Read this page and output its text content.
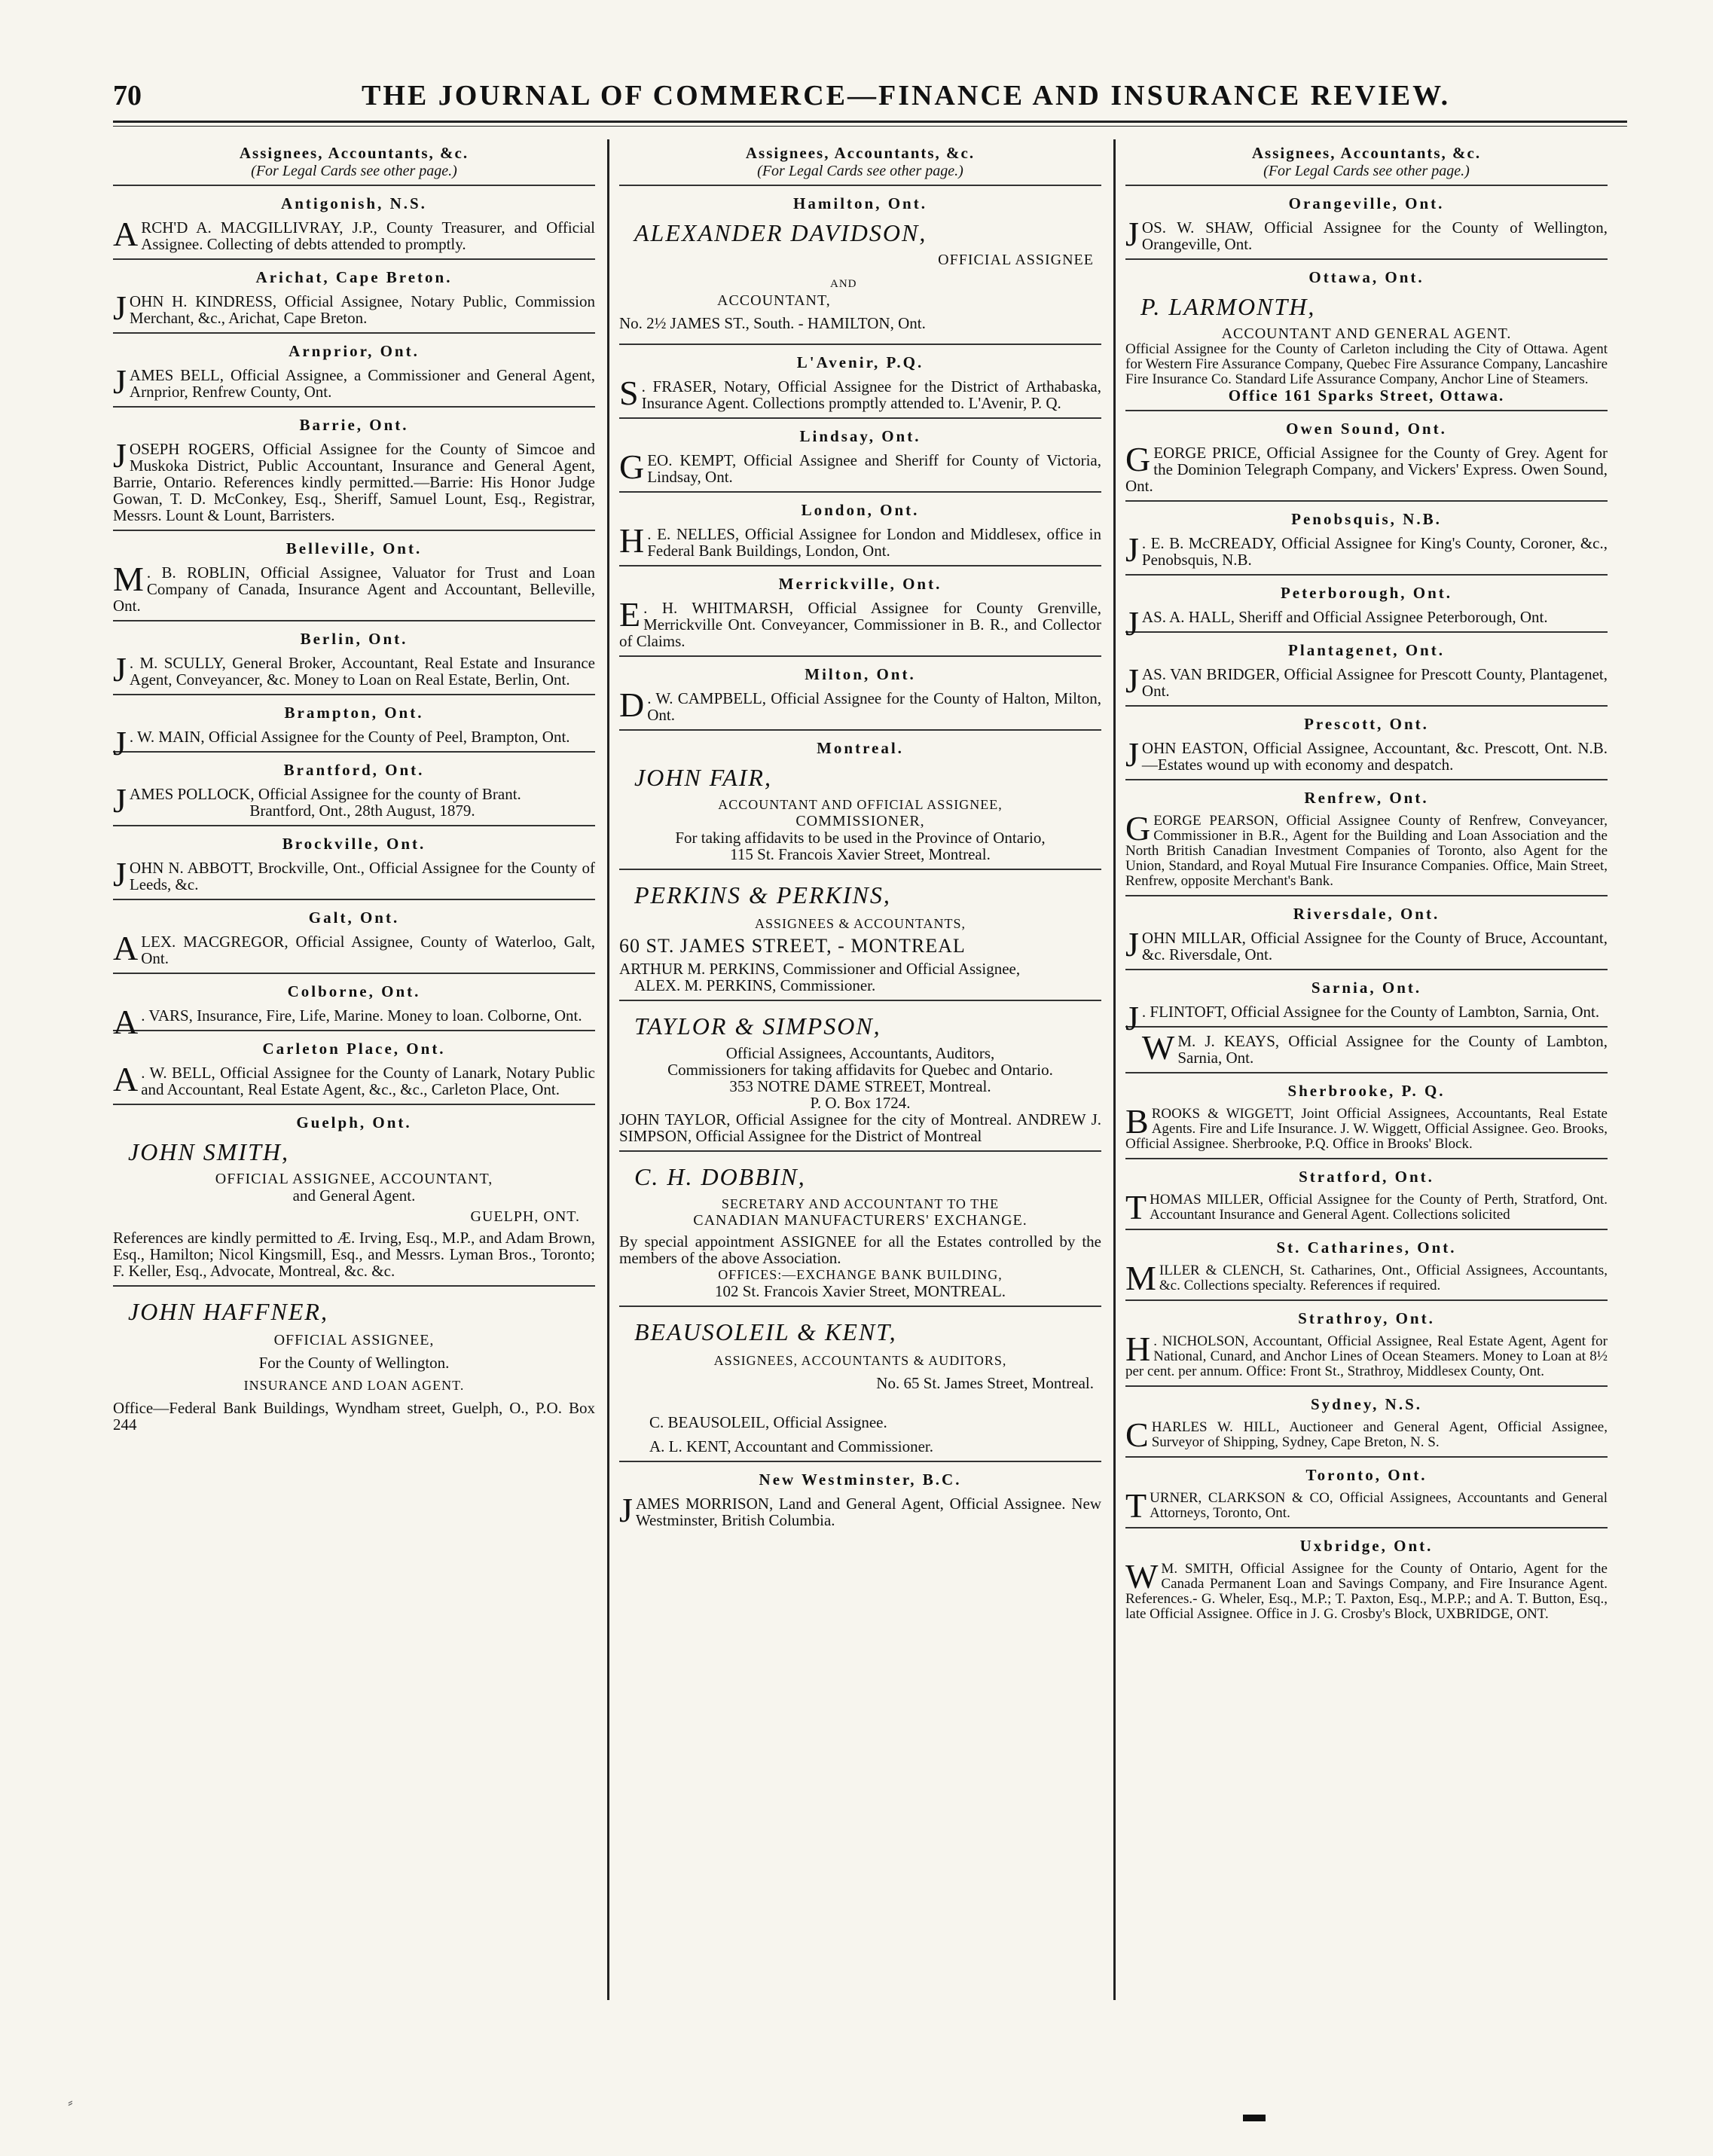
70	THE JOURNAL OF COMMERCE—FINANCE AND INSURANCE REVIEW.
Assignees, Accountants, &c.
(For Legal Cards see other page.)
Antigonish, N.S.
ARCH'D A. MACGILLIVRAY, J.P., County Treasurer, and Official Assignee. Collecting of debts attended to promptly.
Arichat, Cape Breton.
JOHN H. KINDRESS, Official Assignee, Notary Public, Commission Merchant, &c., Arichat, Cape Breton.
Arnprior, Ont.
JAMES BELL, Official Assignee, a Commissioner and General Agent, Arnprior, Renfrew County, Ont.
Barrie, Ont.
JOSEPH ROGERS, Official Assignee for the County of Simcoe and Muskoka District, Public Accountant, Insurance and General Agent, Barrie, Ontario. References kindly permitted.—Barrie: His Honor Judge Gowan, T. D. McConkey, Esq., Sheriff, Samuel Lount, Esq., Registrar, Messrs. Lount & Lount, Barristers.
Belleville, Ont.
M . B. ROBLIN, Official Assignee, Valuator for Trust and Loan Company of Canada, Insurance Agent and Accountant, Belleville, Ont.
Berlin, Ont.
J . M. SCULLY, General Broker, Accountant, Real Estate and Insurance Agent, Conveyancer, &c. Money to Loan on Real Estate, Berlin, Ont.
Brampton, Ont.
J . W. MAIN, Official Assignee for the County of Peel, Brampton, Ont.
Brantford, Ont.
JAMES POLLOCK, Official Assignee for the county of Brant.
Brantford, Ont., 28th August, 1879.
Brockville, Ont.
JOHN N. ABBOTT, Brockville, Ont., Official Assignee for the County of Leeds, &c.
Galt, Ont.
ALEX. MACGREGOR, Official Assignee, County of Waterloo, Galt, Ont.
Colborne, Ont.
A . VARS, Insurance, Fire, Life, Marine. Money to loan. Colborne, Ont.
Carleton Place, Ont.
A . W. BELL, Official Assignee for the County of Lanark, Notary Public and Accountant, Real Estate Agent, &c., &c., Carleton Place, Ont.
Guelph, Ont.
JOHN SMITH,
OFFICIAL ASSIGNEE, ACCOUNTANT,
and General Agent.
GUELPH, ONT.
References are kindly permitted to Æ. Irving, Esq., M.P., and Adam Brown, Esq., Hamilton; Nicol Kingsmill, Esq., and Messrs. Lyman Bros., Toronto; F. Keller, Esq., Advocate, Montreal, &c. &c.
JOHN HAFFNER,
OFFICIAL ASSIGNEE,
For the County of Wellington.
INSURANCE AND LOAN AGENT.
Office—Federal Bank Buildings, Wyndham street, Guelph, O., P.O. Box 244
Assignees, Accountants, &c.
(For Legal Cards see other page.)
Hamilton, Ont.
ALEXANDER DAVIDSON,
OFFICIAL ASSIGNEE
AND
ACCOUNTANT,
No. 2½ JAMES ST., South. - HAMILTON, Ont.
L'Avenir, P.Q.
S . FRASER, Notary, Official Assignee for the District of Arthabaska, Insurance Agent. Collections promptly attended to. L'Avenir, P. Q.
Lindsay, Ont.
GEO. KEMPT, Official Assignee and Sheriff for County of Victoria, Lindsay, Ont.
London, Ont.
H . E. NELLES, Official Assignee for London and Middlesex, office in Federal Bank Buildings, London, Ont.
Merrickville, Ont.
E . H. WHITMARSH, Official Assignee for County Grenville, Merrickville Ont. Conveyancer, Commissioner in B. R., and Collector of Claims.
Milton, Ont.
D . W. CAMPBELL, Official Assignee for the County of Halton, Milton, Ont.
Montreal.
JOHN FAIR,
ACCOUNTANT AND OFFICIAL ASSIGNEE,
COMMISSIONER,
For taking affidavits to be used in the Province of Ontario,
115 St. Francois Xavier Street, Montreal.
PERKINS & PERKINS,
ASSIGNEES & ACCOUNTANTS,
60 ST. JAMES STREET, - MONTREAL
ARTHUR M. PERKINS, Commissioner and Official Assignee,
ALEX. M. PERKINS, Commissioner.
TAYLOR & SIMPSON,
Official Assignees, Accountants, Auditors,
Commissioners for taking affidavits for Quebec and Ontario.
353 NOTRE DAME STREET, Montreal.
P. O. Box 1724.
JOHN TAYLOR, Official Assignee for the city of Montreal. ANDREW J. SIMPSON, Official Assignee for the District of Montreal
C. H. DOBBIN,
SECRETARY AND ACCOUNTANT TO THE
CANADIAN MANUFACTURERS' EXCHANGE.
By special appointment ASSIGNEE for all the Estates controlled by the members of the above Association.
OFFICES:—EXCHANGE BANK BUILDING,
102 St. Francois Xavier Street, MONTREAL.
BEAUSOLEIL & KENT,
ASSIGNEES, ACCOUNTANTS & AUDITORS,
No. 65 St. James Street, Montreal.
C. BEAUSOLEIL, Official Assignee.
A. L. KENT, Accountant and Commissioner.
New Westminster, B.C.
JAMES MORRISON, Land and General Agent, Official Assignee. New Westminster, British Columbia.
Assignees, Accountants, &c.
(For Legal Cards see other page.)
Orangeville, Ont.
JOS. W. SHAW, Official Assignee for the County of Wellington, Orangeville, Ont.
Ottawa, Ont.
P. LARMONTH,
ACCOUNTANT AND GENERAL AGENT.
Official Assignee for the County of Carleton including the City of Ottawa. Agent for Western Fire Assurance Company, Quebec Fire Assurance Company, Lancashire Fire Insurance Co. Standard Life Assurance Company, Anchor Line of Steamers.
Office 161 Sparks Street, Ottawa.
Owen Sound, Ont.
GEORGE PRICE, Official Assignee for the County of Grey. Agent for the Dominion Telegraph Company, and Vickers' Express. Owen Sound, Ont.
Penobsquis, N.B.
J . E. B. McCREADY, Official Assignee for King's County, Coroner, &c., Penobsquis, N.B.
Peterborough, Ont.
JAS. A. HALL, Sheriff and Official Assignee Peterborough, Ont.
Plantagenet, Ont.
JAS. VAN BRIDGER, Official Assignee for Prescott County, Plantagenet, Ont.
Prescott, Ont.
JOHN EASTON, Official Assignee, Accountant, &c. Prescott, Ont. N.B.—Estates wound up with economy and despatch.
Renfrew, Ont.
GEORGE PEARSON, Official Assignee County of Renfrew, Conveyancer, Commissioner in B.R., Agent for the Building and Loan Association and the North British Canadian Investment Companies of Toronto, also Agent for the Union, Standard, and Royal Mutual Fire Insurance Companies. Office, Main Street, Renfrew, opposite Merchant's Bank.
Riversdale, Ont.
JOHN MILLAR, Official Assignee for the County of Bruce, Accountant, &c. Riversdale, Ont.
Sarnia, Ont.
J . FLINTOFT, Official Assignee for the County of Lambton, Sarnia, Ont.
W M. J. KEAYS, Official Assignee for the County of Lambton, Sarnia, Ont.
Sherbrooke, P. Q.
BROOKS & WIGGETT, Joint Official Assignees, Accountants, Real Estate Agents. Fire and Life Insurance. J. W. Wiggett, Official Assignee. Geo. Brooks, Official Assignee. Sherbrooke, P.Q. Office in Brooks' Block.
Stratford, Ont.
THOMAS MILLER, Official Assignee for the County of Perth, Stratford, Ont. Accountant Insurance and General Agent. Collections solicited
St. Catharines, Ont.
MILLER & CLENCH, St. Catharines, Ont., Official Assignees, Accountants, &c. Collections specialty. References if required.
Strathroy, Ont.
H . NICHOLSON, Accountant, Official Assignee, Real Estate Agent, Agent for National, Cunard, and Anchor Lines of Ocean Steamers. Money to Loan at 8½ per cent. per annum. Office: Front St., Strathroy, Middlesex County, Ont.
Sydney, N.S.
CHARLES W. HILL, Auctioneer and General Agent, Official Assignee, Surveyor of Shipping, Sydney, Cape Breton, N. S.
Toronto, Ont.
TURNER, CLARKSON & CO, Official Assignees, Accountants and General Attorneys, Toronto, Ont.
Uxbridge, Ont.
W M. SMITH, Official Assignee for the County of Ontario, Agent for the Canada Permanent Loan and Savings Company, and Fire Insurance Agent. References.- G. Wheler, Esq., M.P.; T. Paxton, Esq., M.P.P.; and A. T. Button, Esq., late Official Assignee. Office in J. G. Crosby's Block, UXBRIDGE, ONT.
▬
⸗
